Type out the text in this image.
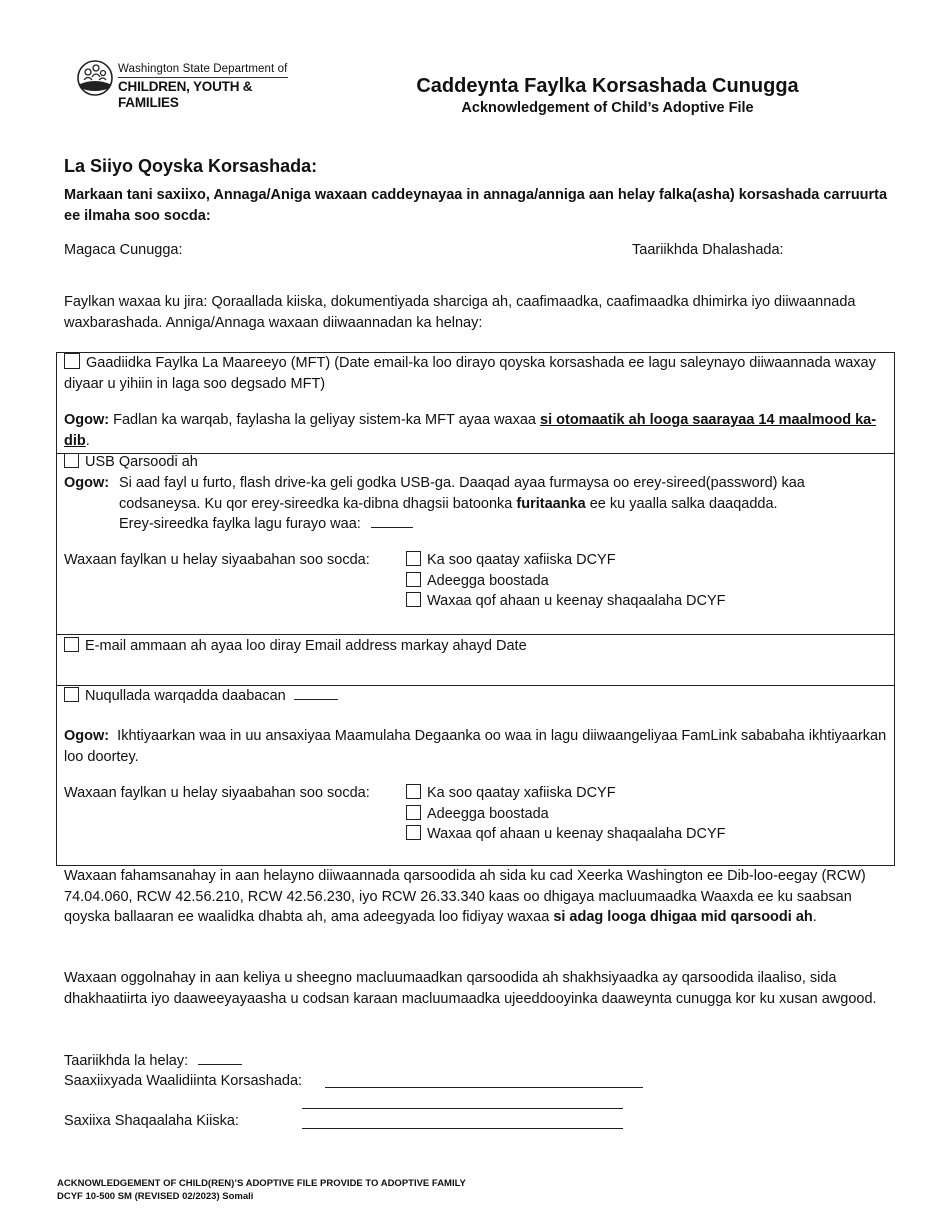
Washington State Department of
CHILDREN, YOUTH & FAMILIES
Caddeynta Faylka Korsashada Cunugga
Acknowledgement of Child’s Adoptive File
La Siiyo Qoyska Korsashada:
Markaan tani saxiixo, Annaga/Aniga waxaan caddeynayaa in annaga/anniga aan helay falka(asha) korsashada carruurta ee ilmaha soo socda:
Magaca Cunugga:	Taariikhda Dhalashada:
Faylkan waxaa ku jira: Qoraallada kiiska, dokumentiyada sharciga ah, caafimaadka, caafimaadka dhimirka iyo diiwaannada waxbarashada. Anniga/Annaga waxaan diiwaannadan ka helnay:
Gaadiidka Faylka La Maareeyo (MFT) (Date email-ka loo dirayo qoyska korsashada ee lagu saleynayo diiwaannada waxay diyaar u yihiin in laga soo degsado MFT)
Ogow: Fadlan ka warqab, faylasha la geliyay sistem-ka MFT ayaa waxaa si otomaatik ah looga saarayaa 14 maalmood ka-dib.
USB Qarsoodi ah
Ogow: Si aad fayl u furto, flash drive-ka geli godka USB-ga. Daaqad ayaa furmaysa oo erey-sireed(password) kaa codsaneysa. Ku qor erey-sireedka ka-dibna dhagsii batoonka furitaanka ee ku yaalla salka daaqadda.
Erey-sireedka faylka lagu furayo waa:
Waxaan faylkan u helay siyaabahan soo socda:	Ka soo qaatay xafiiska DCYF
Adeegga boostada
Waxaa qof ahaan u keenay shaqaalaha DCYF
E-mail ammaan ah ayaa loo diray Email address markay ahayd Date
Nuqullada warqadda daabacan
Ogow: Ikhtiyaarkan waa in uu ansaxiyaa Maamulaha Degaanka oo waa in lagu diiwaangeliyaa FamLink sababaha ikhtiyaarkan loo doortey.
Waxaan faylkan u helay siyaabahan soo socda:	Ka soo qaatay xafiiska DCYF
Adeegga boostada
Waxaa qof ahaan u keenay shaqaalaha DCYF
Waxaan fahamsanahay in aan helayno diiwaannada qarsoodida ah sida ku cad Xeerka Washington ee Dib-loo-eegay (RCW) 74.04.060, RCW 42.56.210, RCW 42.56.230, iyo RCW 26.33.340 kaas oo dhigaya macluumaadka Waaxda ee ku saabsan qoyska ballaaran ee waalidka dhabta ah, ama adeegyada loo fidiyay waxaa si adag looga dhigaa mid qarsoodi ah.
Waxaan oggolnahay in aan keliya u sheegno macluumaadkan qarsoodida ah shakhsiyaadka ay qarsoodida ilaaliso, sida dhakhaatiirta iyo daaweeyayaasha u codsan karaan macluumaadka ujeeddooyinka daaweynta cunugga kor ku xusan awgood.
Taariikhda la helay:
Saaxiixyada Waalidiinta Korsashada:
Saxiixa Shaqaalaha Kiiska:
ACKNOWLEDGEMENT OF CHILD(REN)’S ADOPTIVE FILE PROVIDE TO ADOPTIVE FAMILY
DCYF 10-500 SM (REVISED 02/2023) Somali
